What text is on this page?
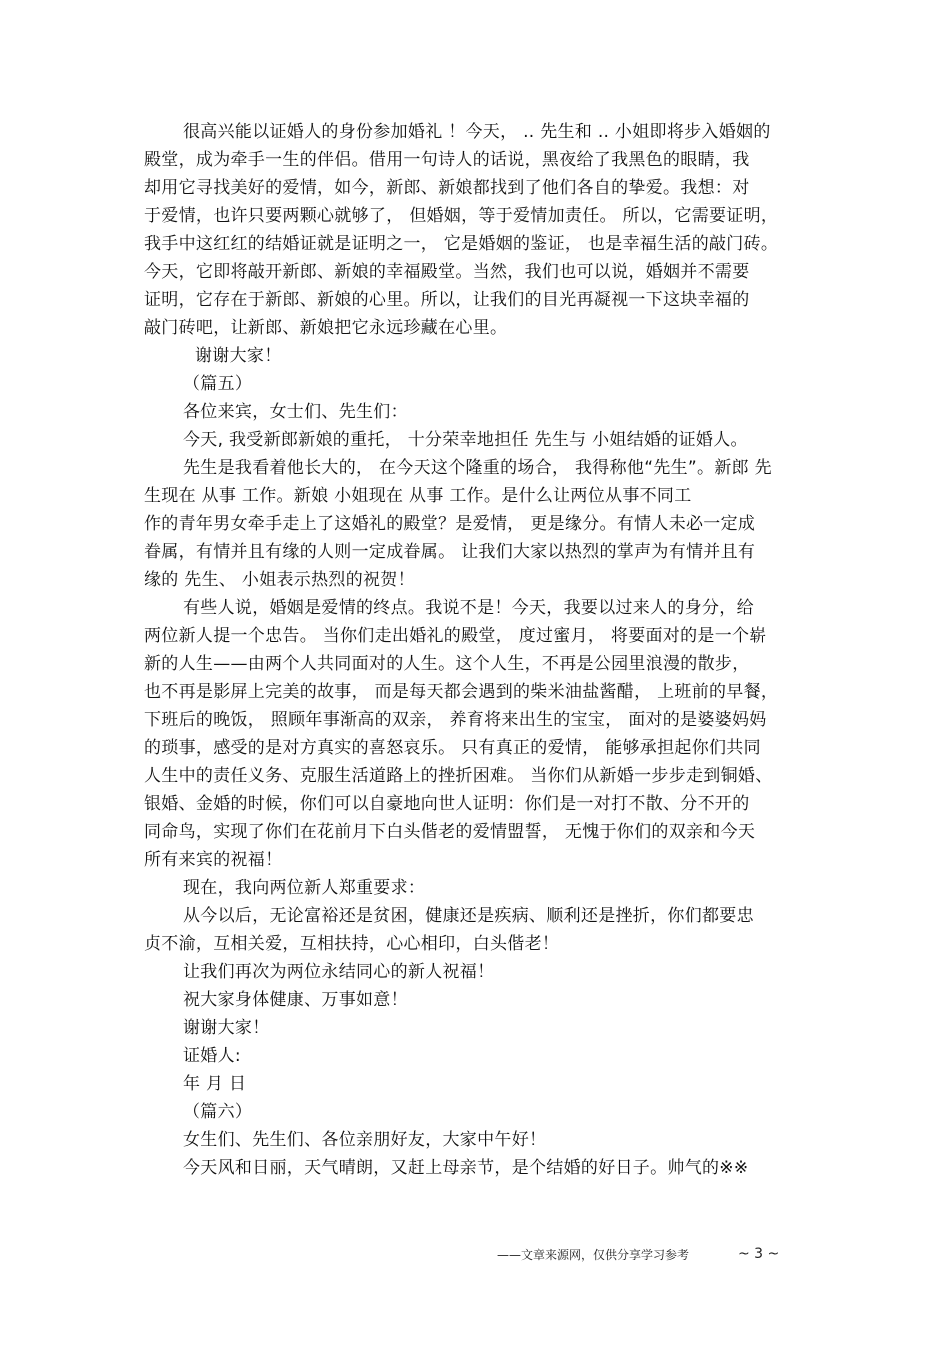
很高兴能以证婚人的身份参加婚礼 ！今天， .. 先生和 .. 小姐即将步入婚姻的
殿堂，成为牵手一生的伴侣。借用一句诗人的话说，黑夜给了我黑色的眼睛，我
却用它寻找美好的爱情，如今，新郎、新娘都找到了他们各自的挚爱。我想：对
于爱情，也许只要两颗心就够了， 但婚姻，等于爱情加责任。 所以，它需要证明，
我手中这红红的结婚证就是证明之一， 它是婚姻的鉴证， 也是幸福生活的敲门砖。
今天，它即将敲开新郎、新娘的幸福殿堂。当然，我们也可以说，婚姻并不需要
证明，它存在于新郎、新娘的心里。所以，让我们的目光再凝视一下这块幸福的
敲门砖吧，让新郎、新娘把它永远珍藏在心里。
谢谢大家！
（篇五）
各位来宾，女士们、先生们：
今天, 我受新郎新娘的重托， 十分荣幸地担任 先生与 小姐结婚的证婚人。
先生是我看着他长大的， 在今天这个隆重的场合， 我得称他“先生”。新郎 先
生现在 从事 工作。新娘 小姐现在 从事 工作。是什么让两位从事不同工
作的青年男女牵手走上了这婚礼的殿堂？是爱情， 更是缘分。有情人未必一定成
眷属，有情并且有缘的人则一定成眷属。 让我们大家以热烈的掌声为有情并且有
缘的 先生、 小姐表示热烈的祝贺！
有些人说，婚姻是爱情的终点。我说不是！今天，我要以过来人的身分，给
两位新人提一个忠告。 当你们走出婚礼的殿堂， 度过蜜月， 将要面对的是一个崭
新的人生——由两个人共同面对的人生。这个人生，不再是公园里浪漫的散步，
也不再是影屏上完美的故事， 而是每天都会遇到的柴米油盐酱醋， 上班前的早餐，
下班后的晚饭， 照顾年事渐高的双亲， 养育将来出生的宝宝， 面对的是婆婆妈妈
的琐事，感受的是对方真实的喜怒哀乐。 只有真正的爱情， 能够承担起你们共同
人生中的责任义务、克服生活道路上的挫折困难。 当你们从新婚一步步走到铜婚、
银婚、金婚的时候，你们可以自豪地向世人证明：你们是一对打不散、分不开的
同命鸟，实现了你们在花前月下白头偕老的爱情盟誓， 无愧于你们的双亲和今天
所有来宾的祝福！
现在，我向两位新人郑重要求：
从今以后，无论富裕还是贫困，健康还是疾病、顺利还是挫折，你们都要忠
贞不渝，互相关爱，互相扶持，心心相印，白头偕老！
让我们再次为两位永结同心的新人祝福！
祝大家身体健康、万事如意！
谢谢大家！
证婚人:
年 月 日
（篇六）
女生们、先生们、各位亲朋好友，大家中午好！
今天风和日丽，天气晴朗，又赶上母亲节，是个结婚的好日子。帅气的※※
——文章来源网，仅供分享学习参考	~ 3 ~
